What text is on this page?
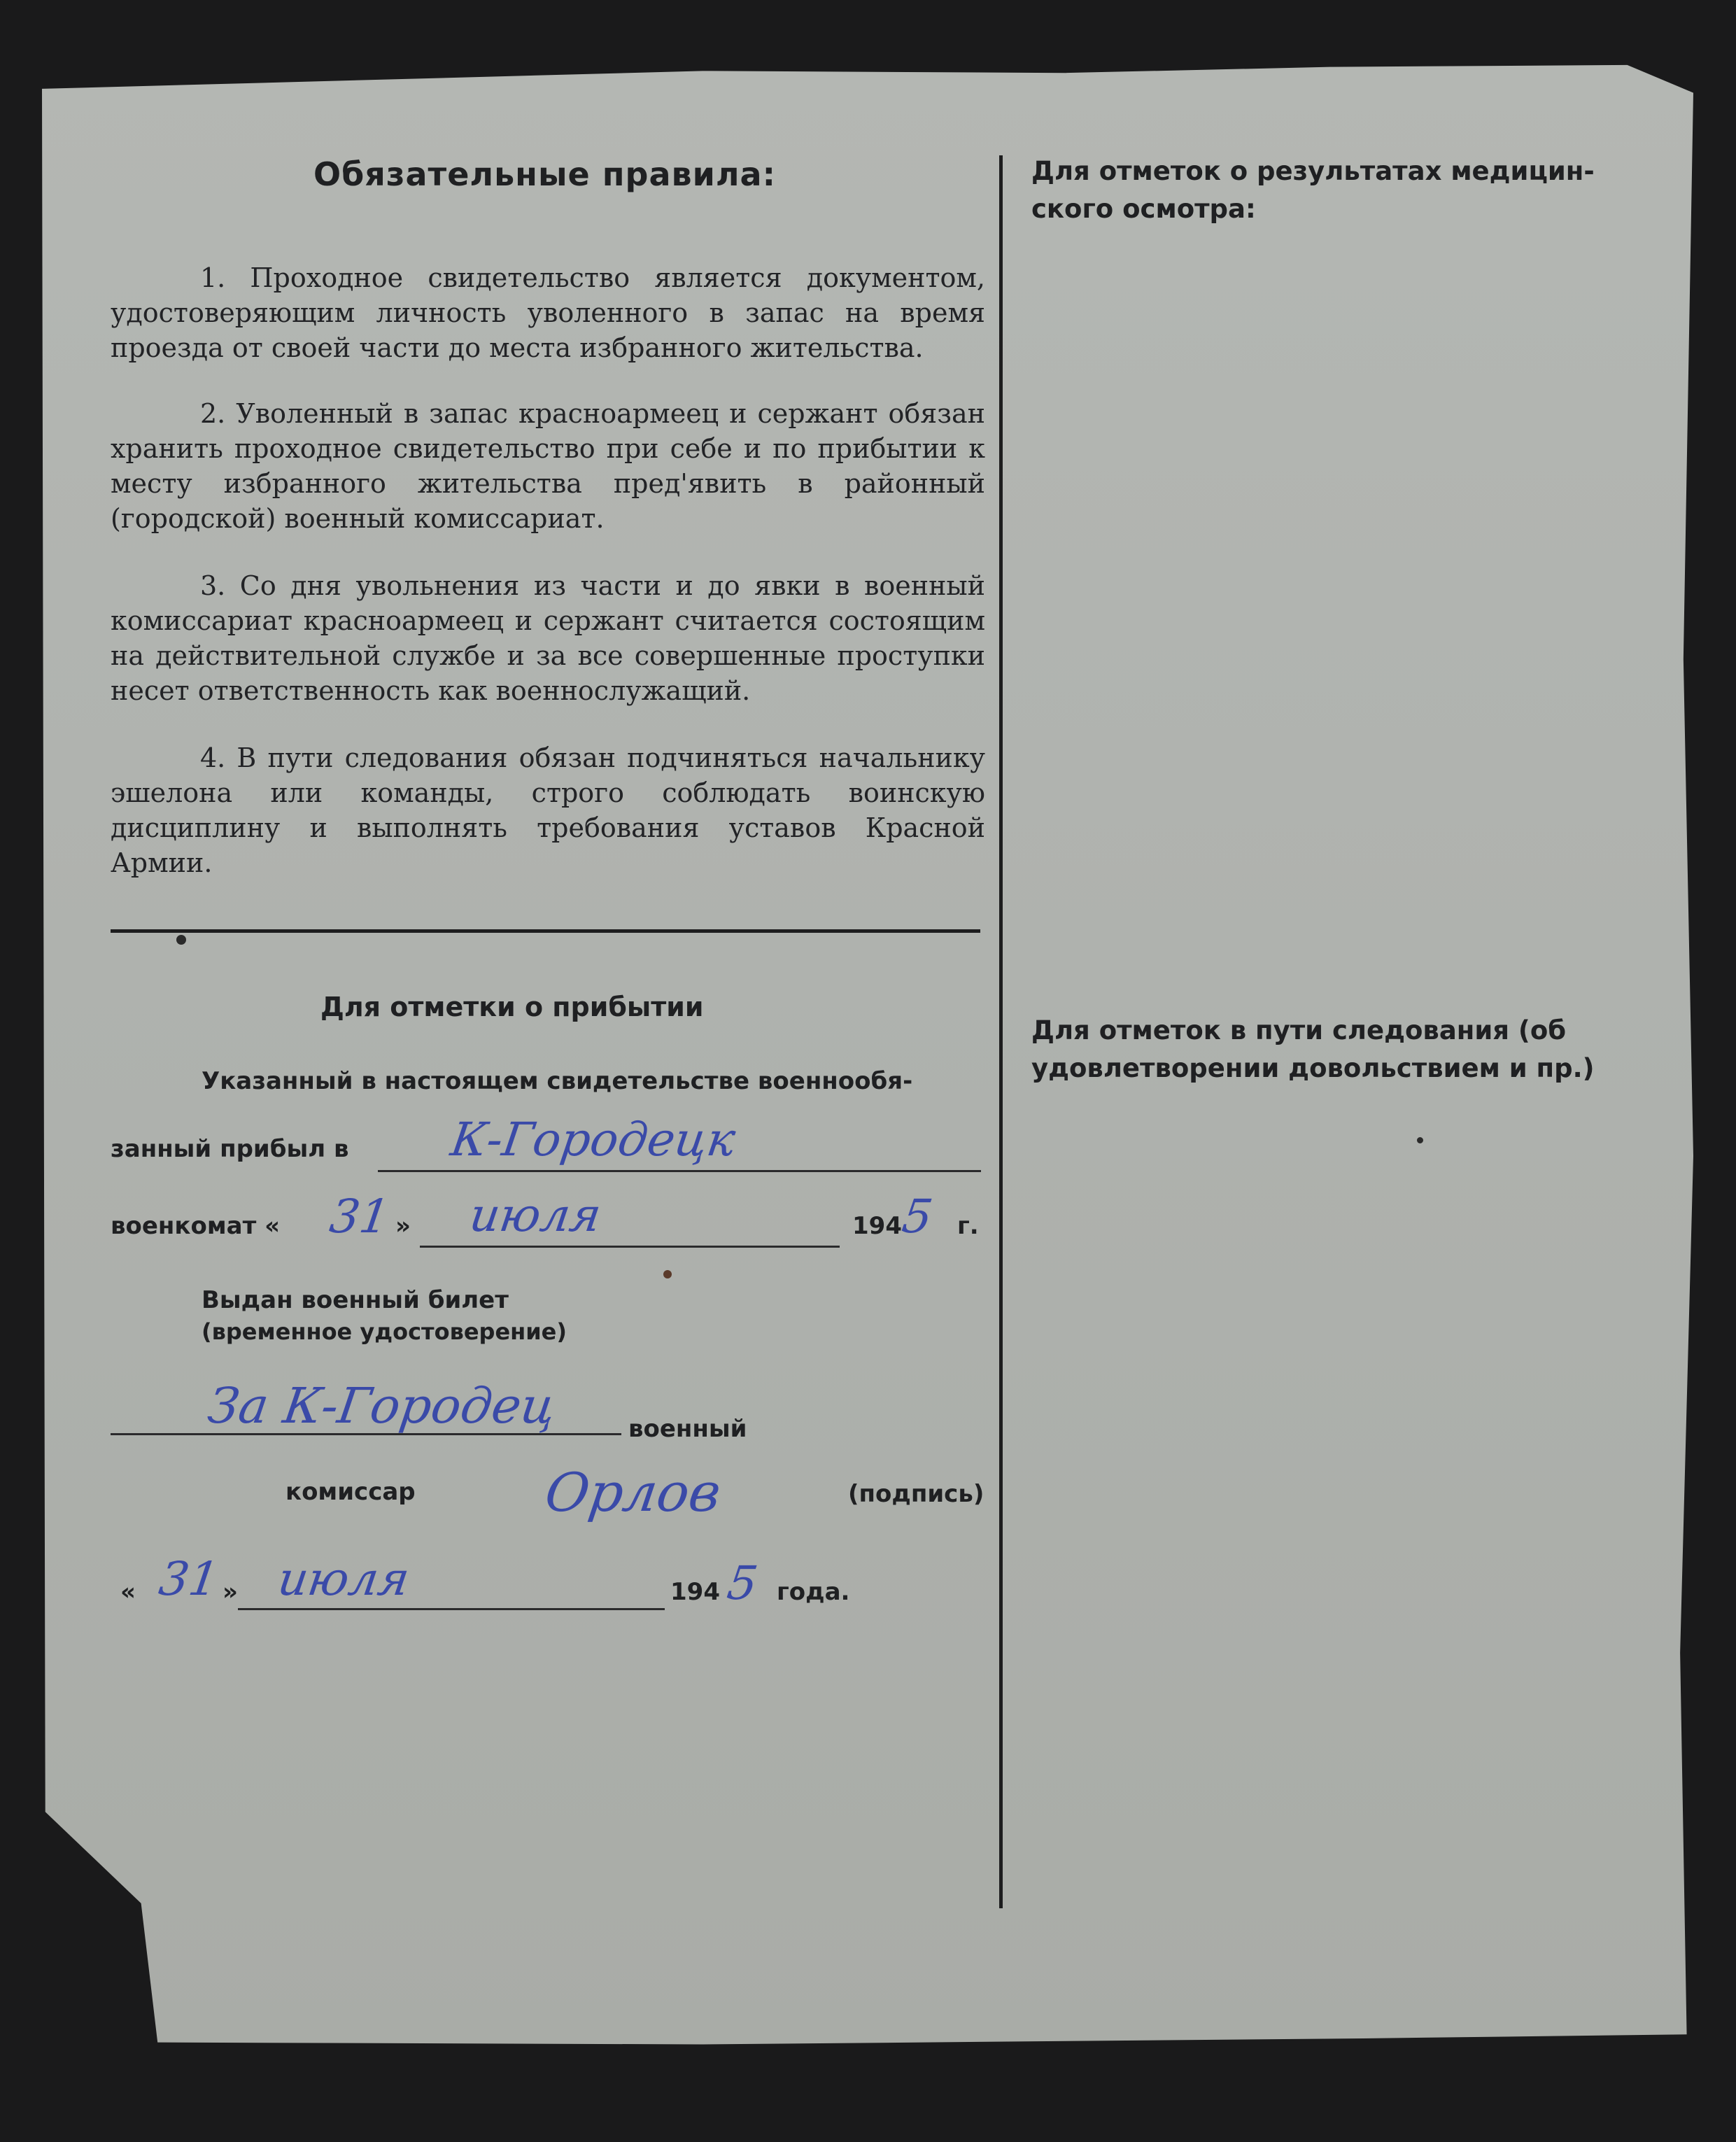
Обязательные правила:

1. Проходное свидетельство является документом, удостоверяющим личность уволенного в запас на время проезда от своей части до места избранного жительства.

2. Уволенный в запас красноармеец и сержант обязан хранить проходное свидетельство при себе и по прибытии к месту избранного жительства пред'явить в районный (городской) военный комиссариат.

3. Со дня увольнения из части и до явки в военный комиссариат красноармеец и сержант считается состоящим на действительной службе и за все совершенные проступки несет ответственность как военнослужащий.

4. В пути следования обязан подчиняться начальнику эшелона или команды, строго соблюдать воинскую дисциплину и выполнять требования уставов Красной Армии.

Для отметки о прибытии
Указанный в настоящем свидетельстве военнообя-
занный прибыл в К-Городецк
военкомат « 31 » июля	194
5 г.
Выдан военный билет
(временное удостоверение)
За К-Городец	военный
комиссар Орлов	(подпись)
« 31 » июля	194 5 года.
Для отметок о результатах медицин-
ского осмотра:
Для отметок в пути следования (об
удовлетворении довольствием и пр.)
